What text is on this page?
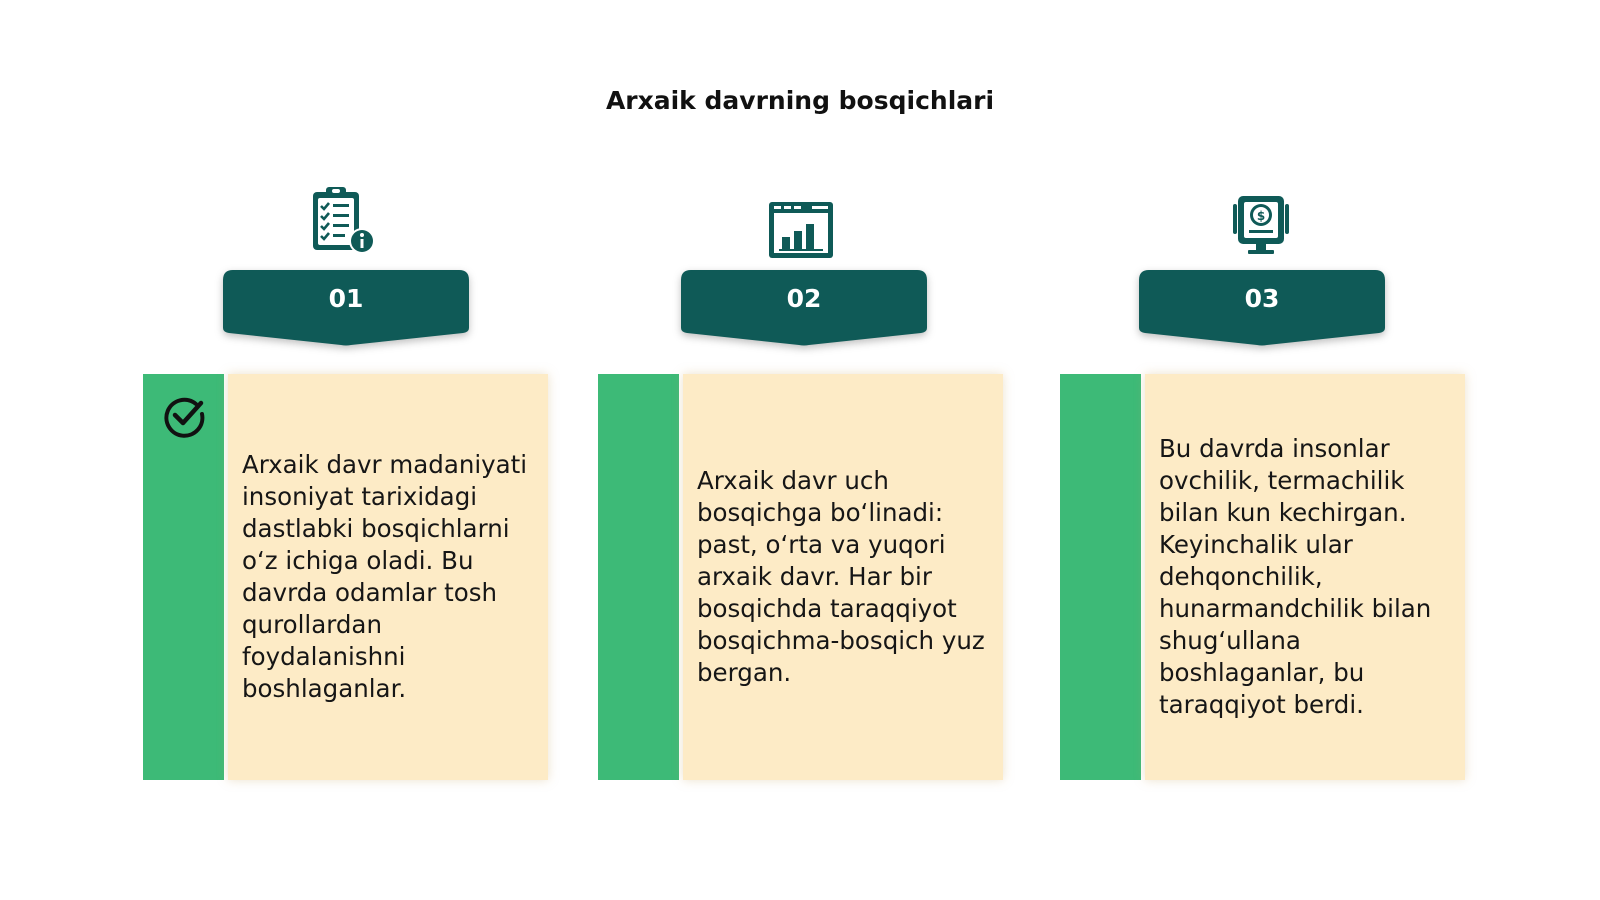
Arxaik davrning bosqichlari
$
01	02	03
Arxaik davr madaniyati insoniyat tarixidagi dastlabki bosqichlarni o‘z ichiga oladi. Bu davrda odamlar tosh qurollardan foydalanishni boshlaganlar.
Arxaik davr uch bosqichga bo‘linadi: past, o‘rta va yuqori arxaik davr. Har bir bosqichda taraqqiyot bosqichma-bosqich yuz bergan.
Bu davrda insonlar ovchilik, termachilik bilan kun kechirgan. Keyinchalik ular dehqonchilik, hunarmandchilik bilan shug‘ullana boshlaganlar, bu taraqqiyot berdi.
